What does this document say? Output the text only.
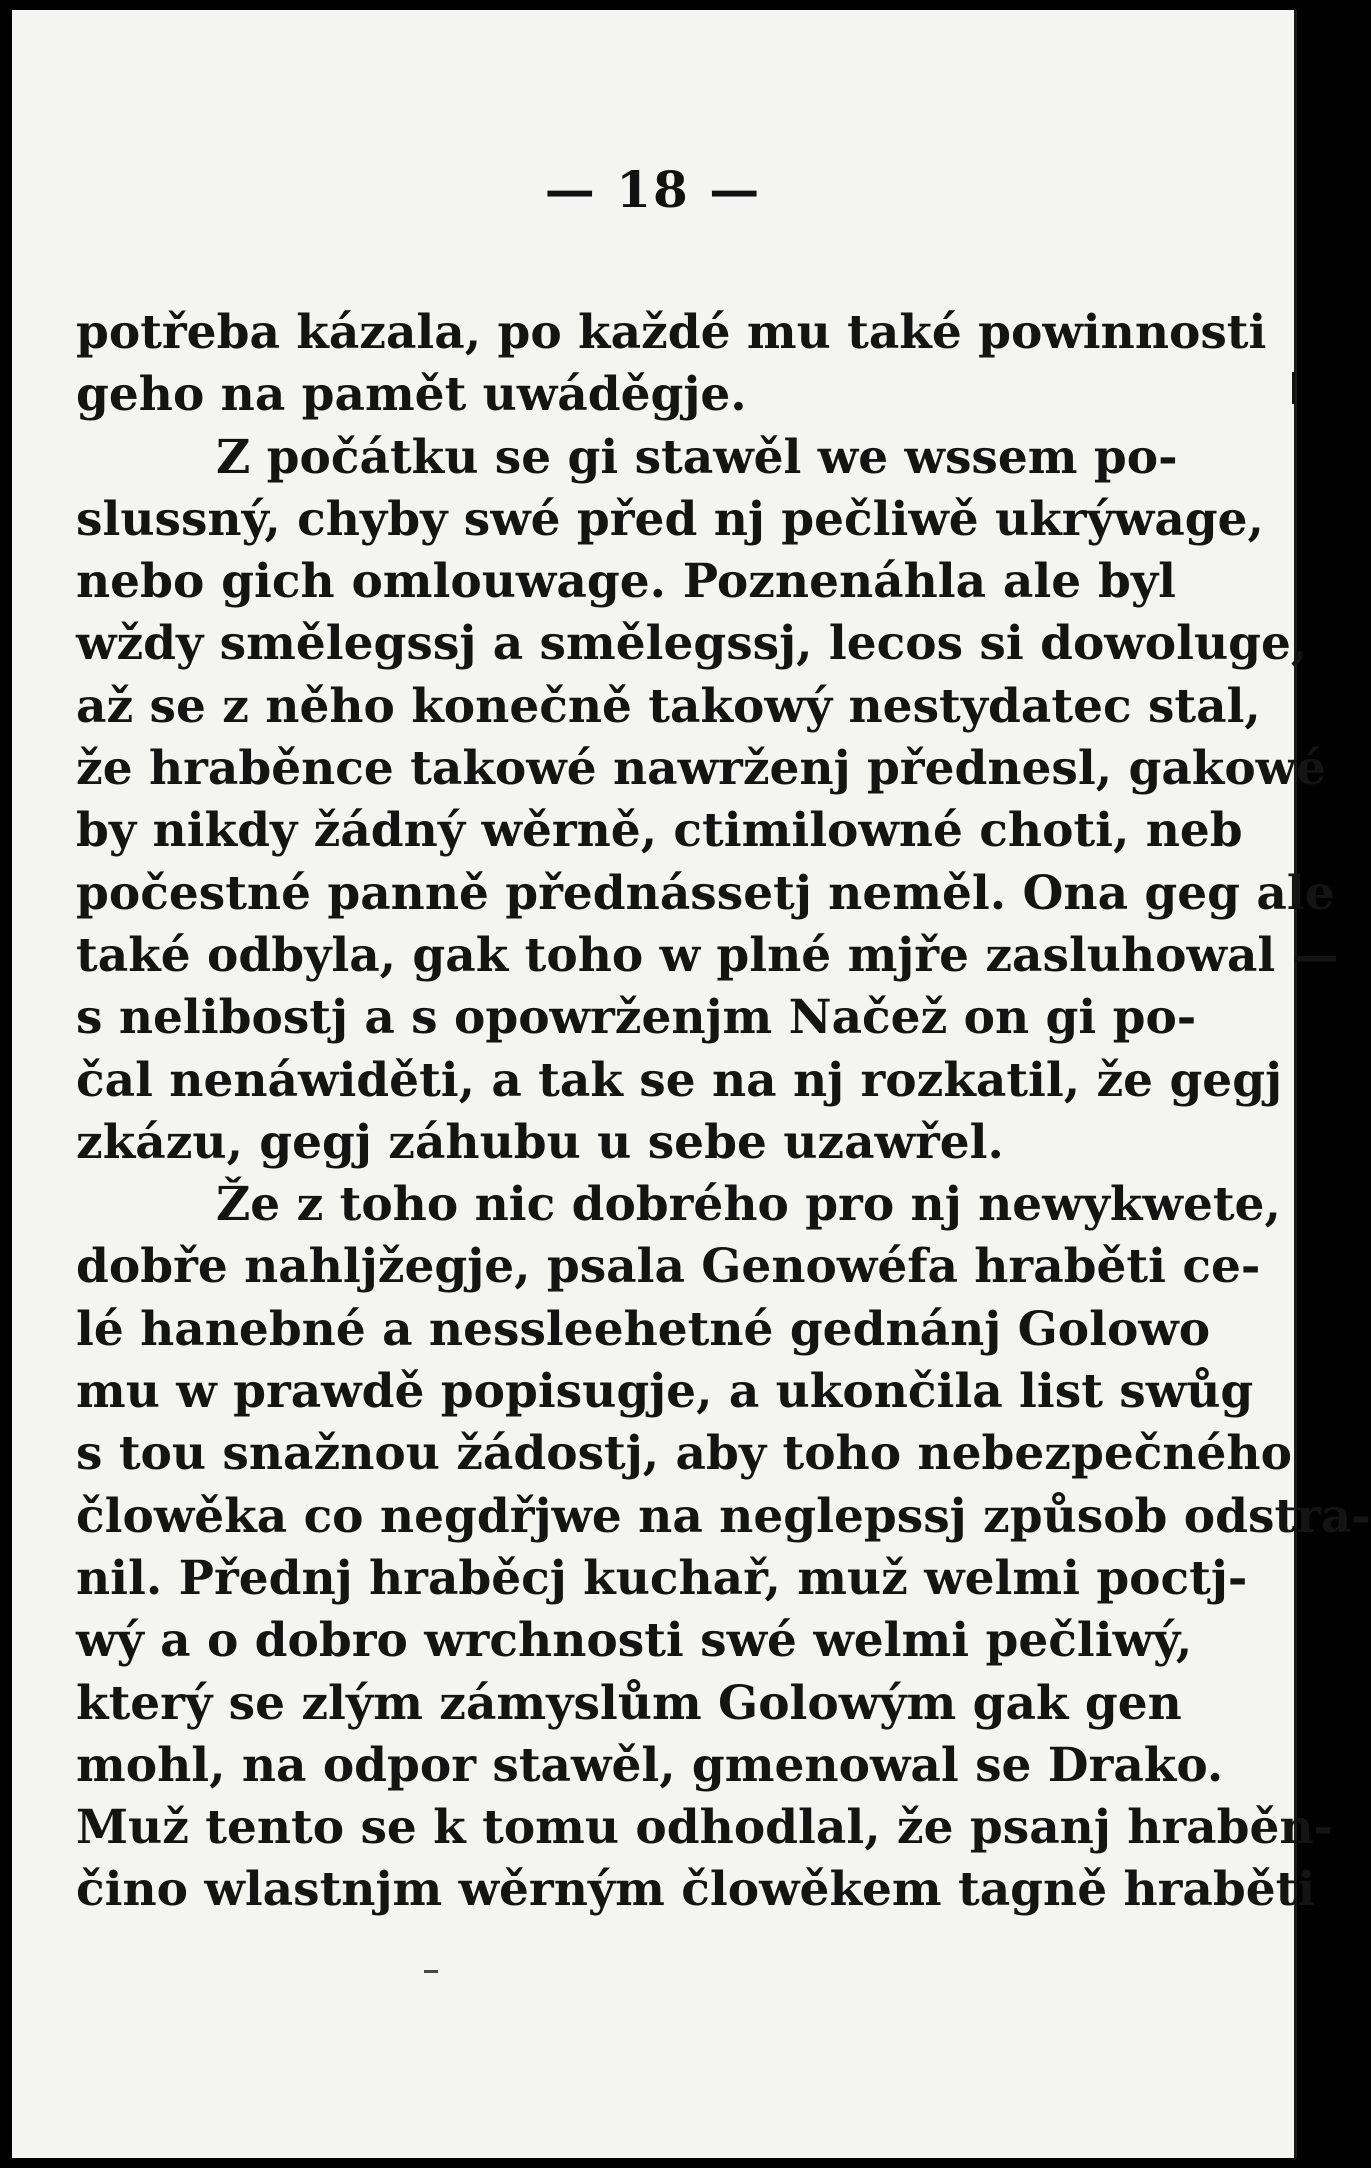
— 18 —
potřeba kázala, po každé mu také powinnosti
geho na pamět uwáděgje.
Z počátku se gi stawěl we wssem po-
slussný, chyby swé před nj pečliwě ukrýwage,
nebo gich omlouwage. Poznenáhla ale byl
wždy smělegssj a smělegssj, lecos si dowoluge,
až se z něho konečně takowý nestydatec stal,
že hraběnce takowé nawrženj přednesl, gakowé
by nikdy žádný wěrně, ctimilowné choti, neb
počestné panně přednássetj neměl. Ona geg ale
také odbyla, gak toho w plné mjře zasluhowal —
s nelibostj a s opowrženjm Načež on gi po-
čal nenáwiděti, a tak se na nj rozkatil, že gegj
zkázu, gegj záhubu u sebe uzawřel.
Že z toho nic dobrého pro nj newykwete,
dobře nahljžegje, psala Genowéfa hraběti ce-
lé hanebné a nessleehetné gednánj Golowo
mu w prawdě popisugje, a ukončila list swůg
s tou snažnou žádostj, aby toho nebezpečného
člowěka co negdřjwe na neglepssj způsob odstra-
nil. Přednj hraběcj kuchař, muž welmi poctj-
wý a o dobro wrchnosti swé welmi pečliwý,
který se zlým zámyslům Golowým gak gen
mohl, na odpor stawěl, gmenowal se Drako.
Muž tento se k tomu odhodlal, že psanj hraběn-
čino wlastnjm wěrným člowěkem tagně hraběti
